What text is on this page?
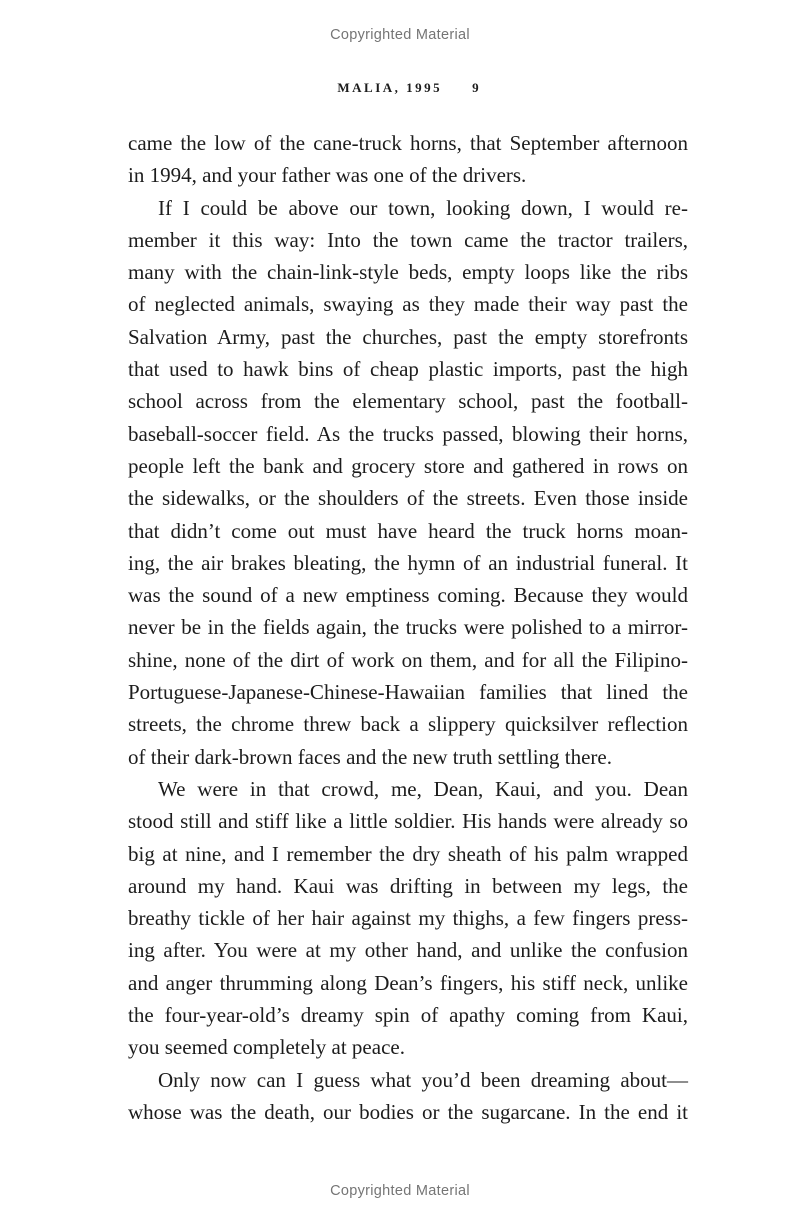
Copyrighted Material
MALIA, 1995 9
came the low of the cane-truck horns, that September afternoon
in 1994, and your father was one of the drivers.
If I could be above our town, looking down, I would re-
member it this way: Into the town came the tractor trailers,
many with the chain-link-style beds, empty loops like the ribs
of neglected animals, swaying as they made their way past the
Salvation Army, past the churches, past the empty storefronts
that used to hawk bins of cheap plastic imports, past the high
school across from the elementary school, past the football-
baseball-soccer field. As the trucks passed, blowing their horns,
people left the bank and grocery store and gathered in rows on
the sidewalks, or the shoulders of the streets. Even those inside
that didn’t come out must have heard the truck horns moan-
ing, the air brakes bleating, the hymn of an industrial funeral. It
was the sound of a new emptiness coming. Because they would
never be in the fields again, the trucks were polished to a mirror-
shine, none of the dirt of work on them, and for all the Filipino-
Portuguese-Japanese-Chinese-Hawaiian families that lined the
streets, the chrome threw back a slippery quicksilver reflection
of their dark-brown faces and the new truth settling there.
We were in that crowd, me, Dean, Kaui, and you. Dean
stood still and stiff like a little soldier. His hands were already so
big at nine, and I remember the dry sheath of his palm wrapped
around my hand. Kaui was drifting in between my legs, the
breathy tickle of her hair against my thighs, a few fingers press-
ing after. You were at my other hand, and unlike the confusion
and anger thrumming along Dean’s fingers, his stiff neck, unlike
the four-year-old’s dreamy spin of apathy coming from Kaui,
you seemed completely at peace.
Only now can I guess what you’d been dreaming about—
whose was the death, our bodies or the sugarcane. In the end it
Copyrighted Material
